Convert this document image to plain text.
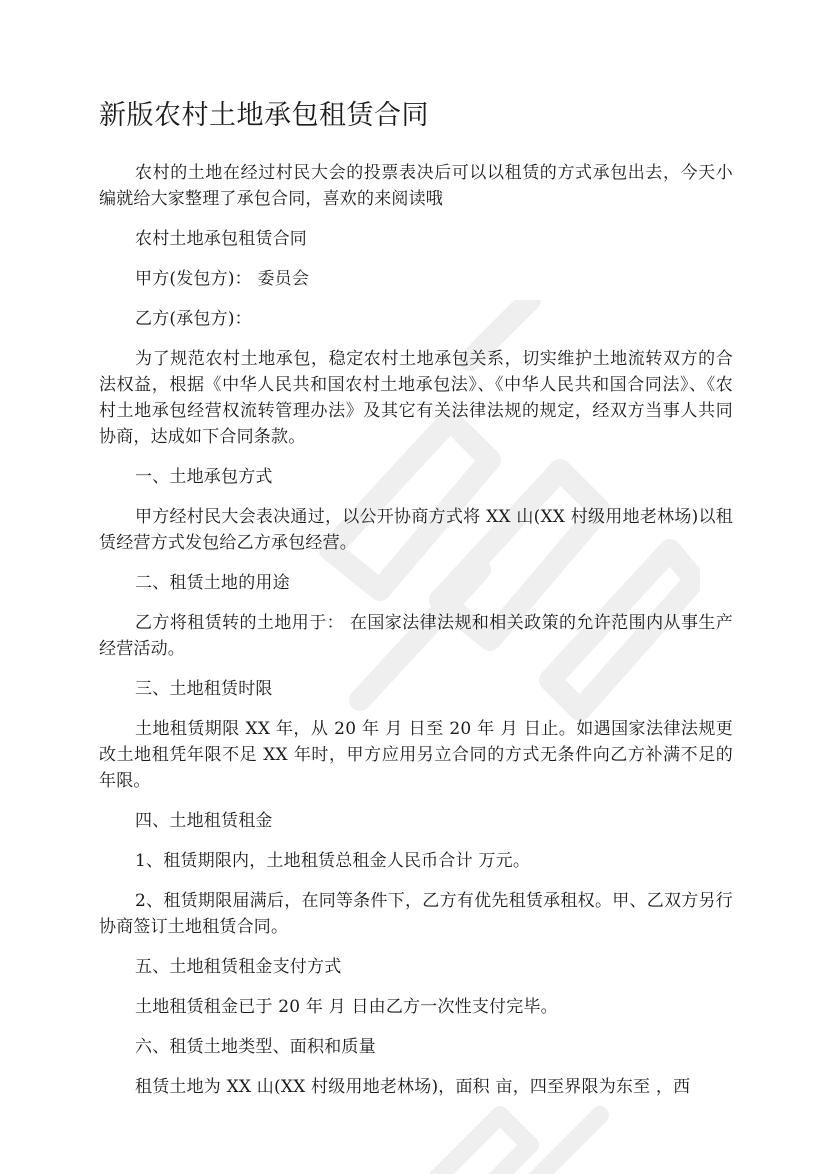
新版农村土地承包租赁合同

农村的土地在经过村民大会的投票表决后可以以租赁的方式承包出去，今天小编就给大家整理了承包合同，喜欢的来阅读哦

农村土地承包租赁合同

甲方(发包方)： 委员会

乙方(承包方)：

为了规范农村土地承包，稳定农村土地承包关系，切实维护土地流转双方的合法权益，根据《中华人民共和国农村土地承包法》、《中华人民共和国合同法》、《农村土地承包经营权流转管理办法》及其它有关法律法规的规定，经双方当事人共同协商，达成如下合同条款。

一、土地承包方式

甲方经村民大会表决通过，以公开协商方式将 XX 山(XX 村级用地老林场)以租赁经营方式发包给乙方承包经营。

二、租赁土地的用途

乙方将租赁转的土地用于： 在国家法律法规和相关政策的允许范围内从事生产经营活动。

三、土地租赁时限

土地租赁期限 XX 年，从 20 年 月 日至 20 年 月 日止。如遇国家法律法规更改土地租凭年限不足 XX 年时，甲方应用另立合同的方式无条件向乙方补满不足的年限。

四、土地租赁租金

1、租赁期限内，土地租赁总租金人民币合计 万元。

2、租赁期限届满后，在同等条件下，乙方有优先租赁承租权。甲、乙双方另行协商签订土地租赁合同。

五、土地租赁租金支付方式

土地租赁租金已于 20 年 月 日由乙方一次性支付完毕。

六、租赁土地类型、面积和质量

租赁土地为 XX 山(XX 村级用地老林场)，面积 亩，四至界限为东至 ，西
